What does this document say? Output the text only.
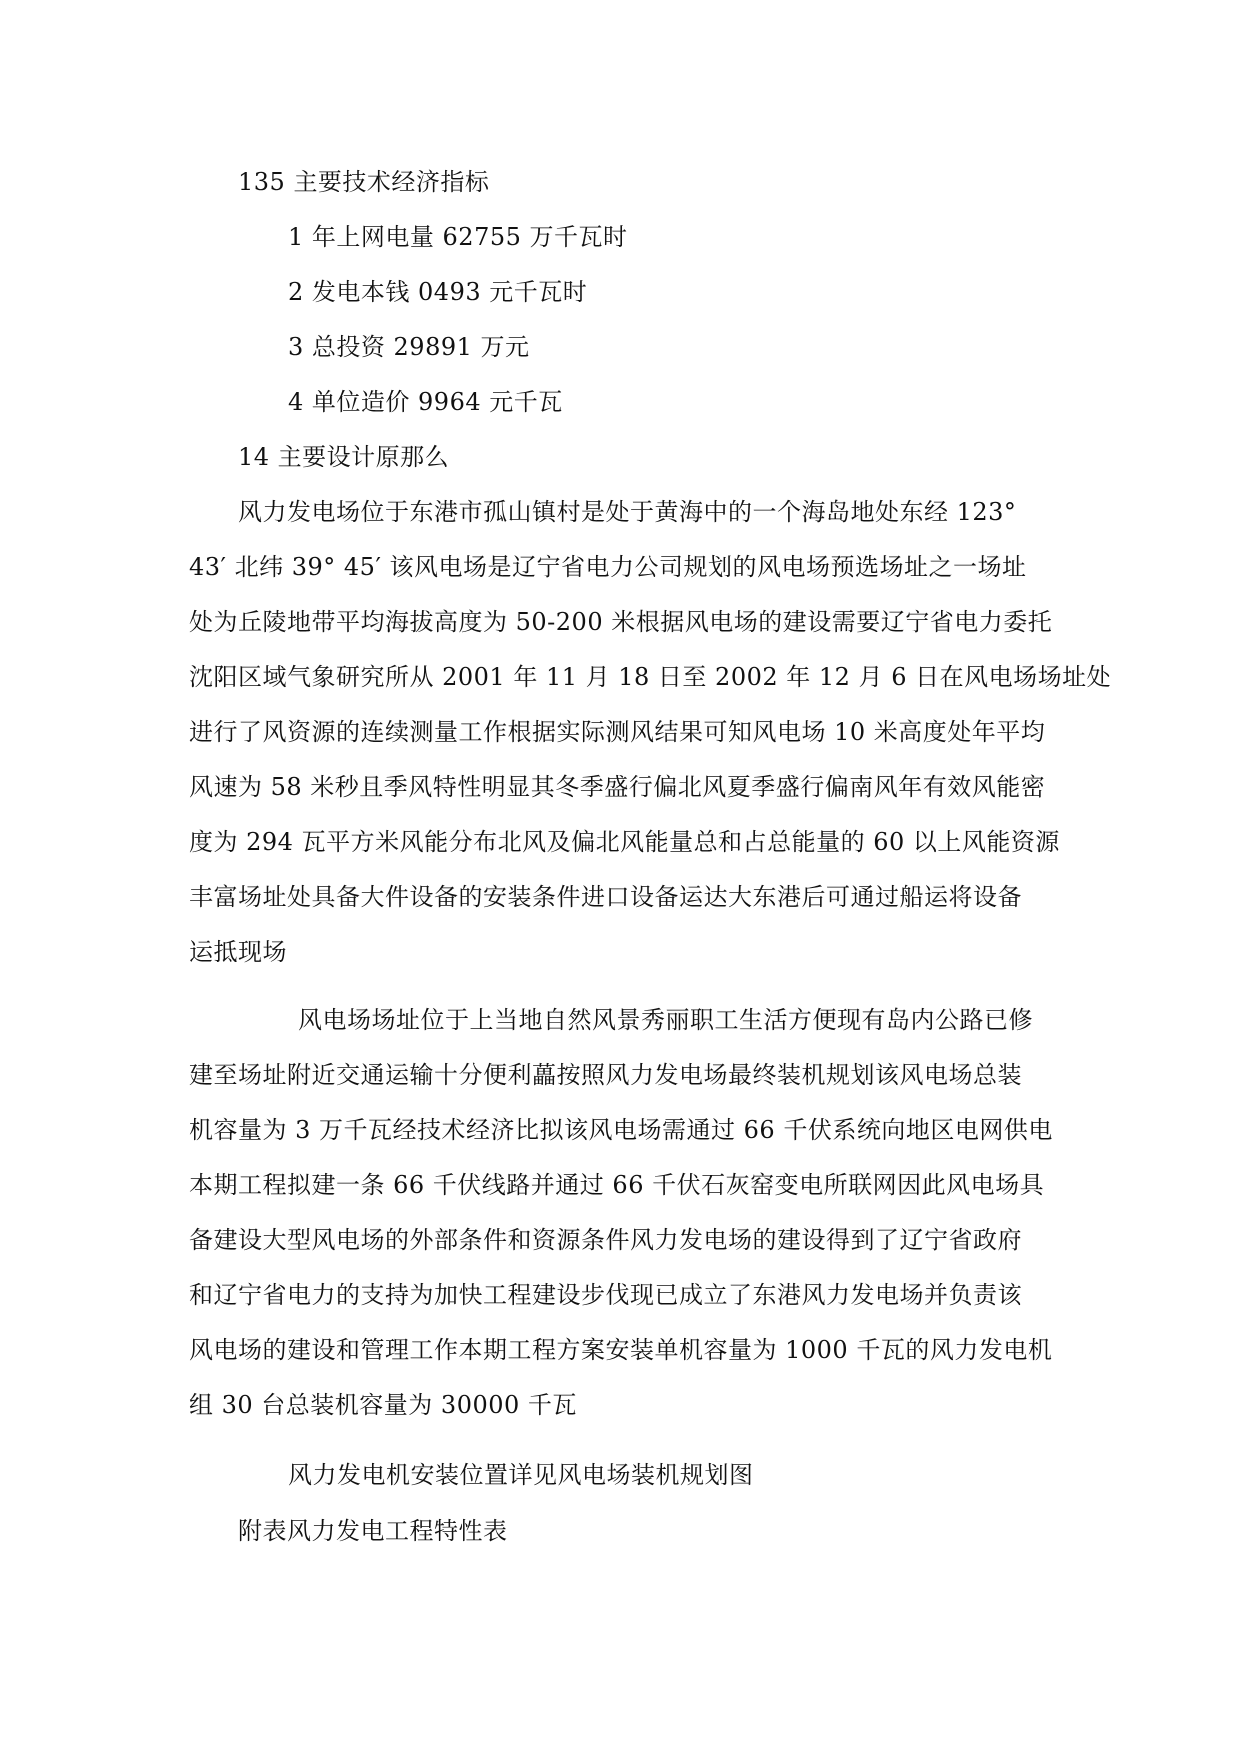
135 主要技术经济指标
1 年上网电量 62755 万千瓦时
2 发电本钱 0493 元千瓦时
3 总投资 29891 万元
4 单位造价 9964 元千瓦
14 主要设计原那么
风力发电场位于东港市孤山镇村是处于黄海中的一个海岛地处东经 123°
43′ 北纬 39° 45′ 该风电场是辽宁省电力公司规划的风电场预选场址之一场址
处为丘陵地带平均海拔高度为 50-200 米根据风电场的建设需要辽宁省电力委托
沈阳区域气象研究所从 2001 年 11 月 18 日至 2002 年 12 月 6 日在风电场场址处
进行了风资源的连续测量工作根据实际测风结果可知风电场 10 米高度处年平均
风速为 58 米秒且季风特性明显其冬季盛行偏北风夏季盛行偏南风年有效风能密
度为 294 瓦平方米风能分布北风及偏北风能量总和占总能量的 60 以上风能资源
丰富场址处具备大件设备的安装条件进口设备运达大东港后可通过船运将设备
运抵现场
风电场场址位于上当地自然风景秀丽职工生活方便现有岛内公路已修
建至场址附近交通运输十分便利藟按照风力发电场最终装机规划该风电场总装
机容量为 3 万千瓦经技术经济比拟该风电场需通过 66 千伏系统向地区电网供电
本期工程拟建一条 66 千伏线路并通过 66 千伏石灰窑变电所联网因此风电场具
备建设大型风电场的外部条件和资源条件风力发电场的建设得到了辽宁省政府
和辽宁省电力的支持为加快工程建设步伐现已成立了东港风力发电场并负责该
风电场的建设和管理工作本期工程方案安装单机容量为 1000 千瓦的风力发电机
组 30 台总装机容量为 30000 千瓦
风力发电机安装位置详见风电场装机规划图
附表风力发电工程特性表
